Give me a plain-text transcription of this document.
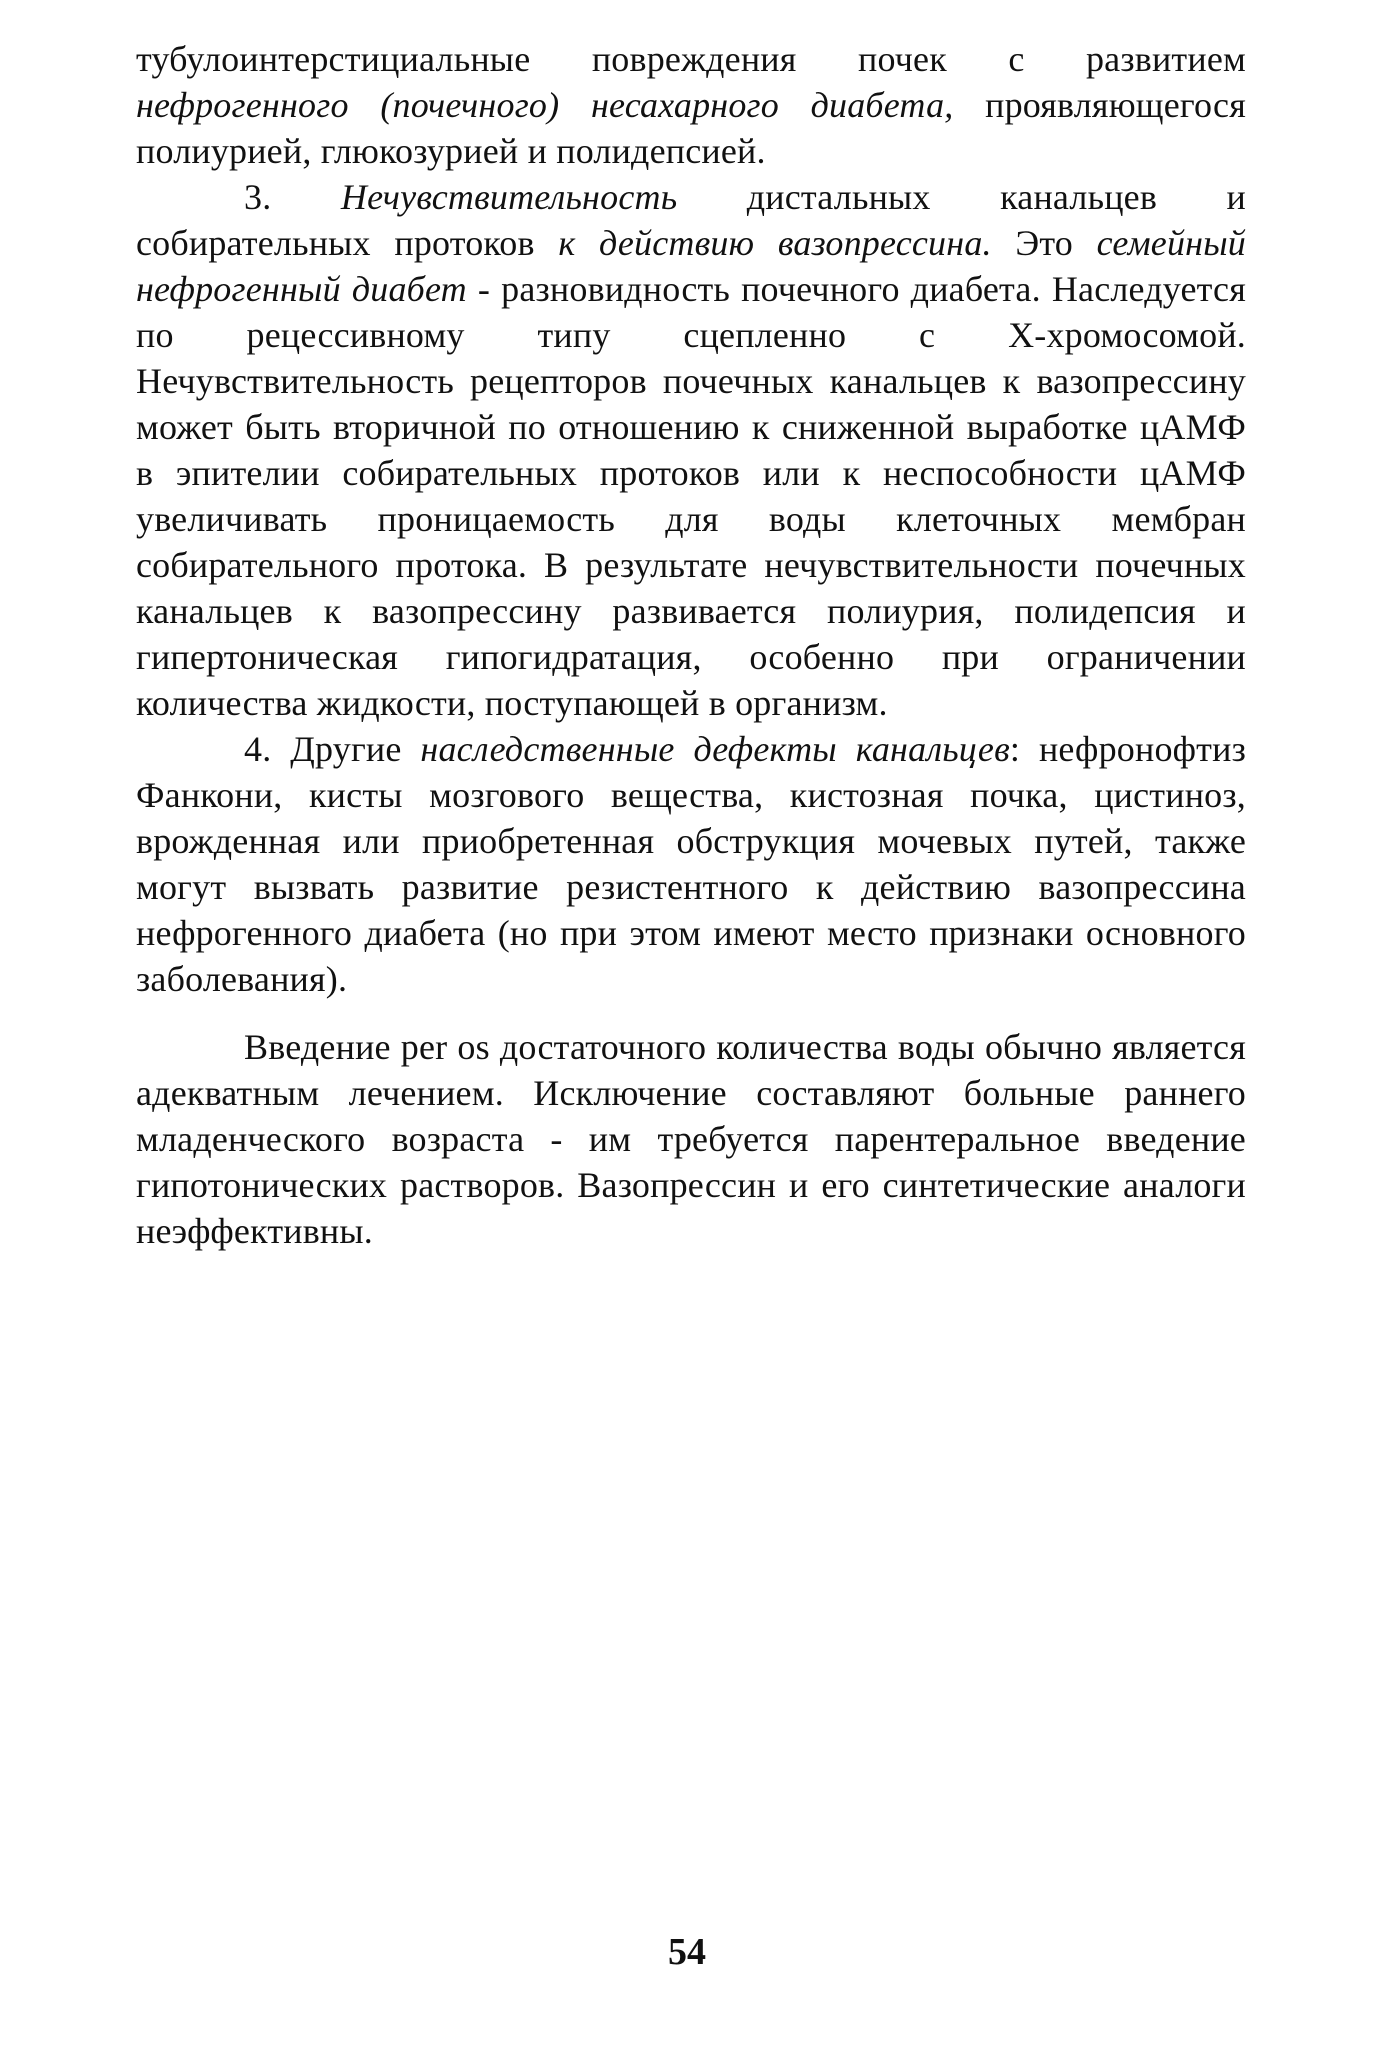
тубулоинтерстициальные повреждения почек с развитием нефрогенного (почечного) несахарного диабета, проявляющегося полиурией, глюкозурией и полидепсией.

3. Нечувствительность дистальных канальцев и собирательных протоков к действию вазопрессина. Это семейный нефрогенный диабет - разновидность почечного диабета. Наследуется по рецессивному типу сцепленно с Х-хромосомой. Нечувствительность рецепторов почечных канальцев к вазопрессину может быть вторичной по отношению к сниженной выработке цАМФ в эпителии собирательных протоков или к неспособности цАМФ увеличивать проницаемость для воды клеточных мембран собирательного протока. В результате нечувствительности почечных канальцев к вазопрессину развивается полиурия, полидепсия и гипертоническая гипогидратация, особенно при ограничении количества жидкости, поступающей в организм.

4. Другие наследственные дефекты канальцев: нефронофтиз Фанкони, кисты мозгового вещества, кистозная почка, цистиноз, врожденная или приобретенная обструкция мочевых путей, также могут вызвать развитие резистентного к действию вазопрессина нефрогенного диабета (но при этом имеют место признаки основного заболевания).

Введение per os достаточного количества воды обычно является адекватным лечением. Исключение составляют больные раннего младенческого возраста - им требуется парентеральное введение гипотонических растворов. Вазопрессин и его синтетические аналоги неэффективны.

54
